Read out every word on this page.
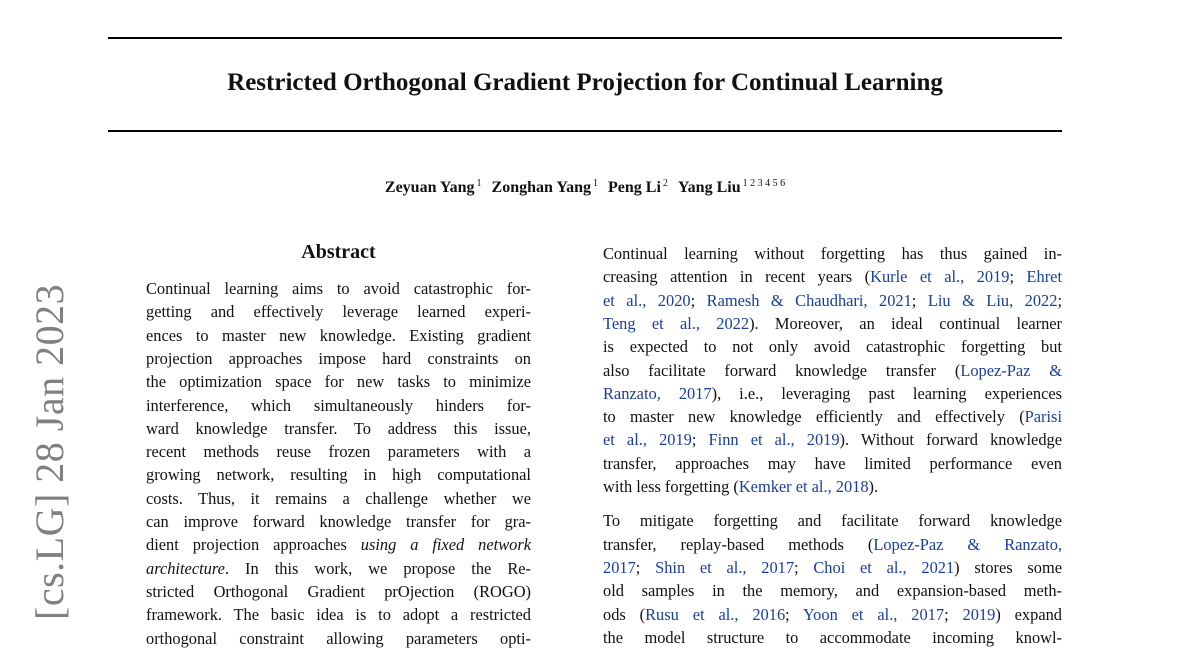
Restricted Orthogonal Gradient Projection for Continual Learning
Zeyuan Yang $^1$ Zonghan Yang $^1$ Peng Li $^2$ Yang Liu $^{1 2 3 4 5 6}$
[cs.LG] 28 Jan 2023
Abstract
Continual learning aims to avoid catastrophic for-
getting and effectively leverage learned experi-
ences to master new knowledge. Existing gradient
projection approaches impose hard constraints on
the optimization space for new tasks to minimize
interference, which simultaneously hinders for-
ward knowledge transfer. To address this issue,
recent methods reuse frozen parameters with a
growing network, resulting in high computational
costs. Thus, it remains a challenge whether we
can improve forward knowledge transfer for gra-
dient projection approaches using a fixed network
architecture. In this work, we propose the Re-
stricted Orthogonal Gradient prOjection (ROGO)
framework. The basic idea is to adopt a restricted
orthogonal constraint allowing parameters opti-
Continual learning without forgetting has thus gained in-
creasing attention in recent years (Kurle et al., 2019; Ehret
et al., 2020; Ramesh & Chaudhari, 2021; Liu & Liu, 2022;
Teng et al., 2022). Moreover, an ideal continual learner
is expected to not only avoid catastrophic forgetting but
also facilitate forward knowledge transfer (Lopez-Paz &
Ranzato, 2017), i.e., leveraging past learning experiences
to master new knowledge efficiently and effectively (Parisi
et al., 2019; Finn et al., 2019). Without forward knowledge
transfer, approaches may have limited performance even
with less forgetting (Kemker et al., 2018).
To mitigate forgetting and facilitate forward knowledge
transfer, replay-based methods (Lopez-Paz & Ranzato,
2017; Shin et al., 2017; Choi et al., 2021) stores some
old samples in the memory, and expansion-based meth-
ods (Rusu et al., 2016; Yoon et al., 2017; 2019) expand
the model structure to accommodate incoming knowl-
